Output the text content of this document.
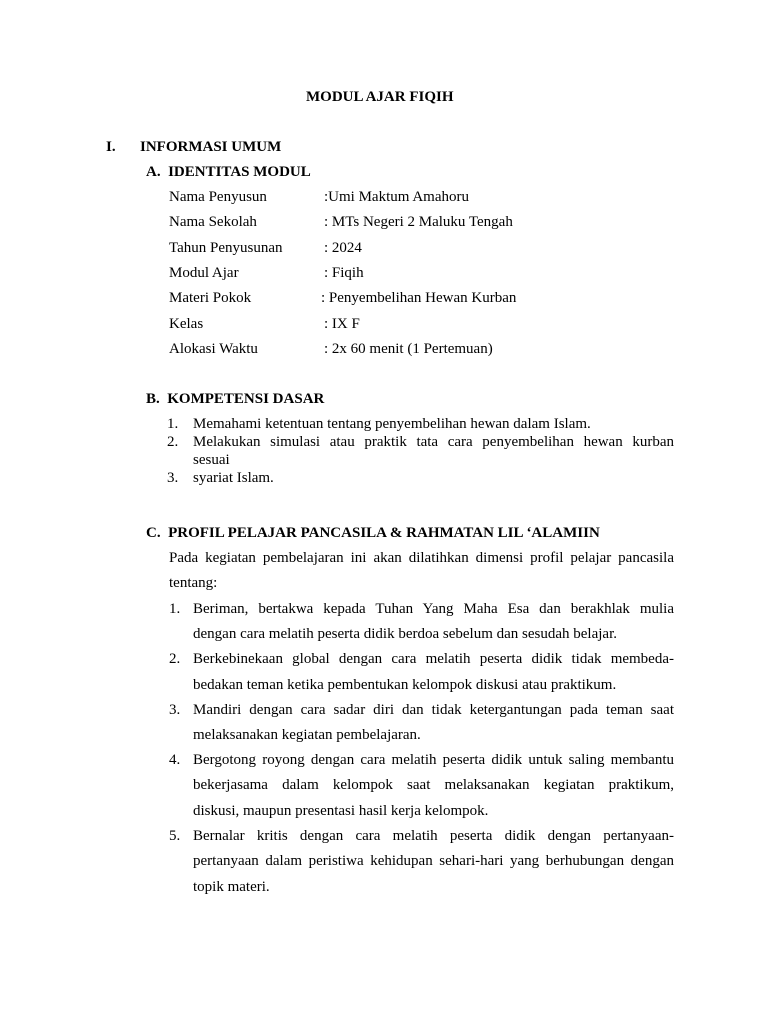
MODUL AJAR FIQIH
I. INFORMASI UMUM
A.  IDENTITAS MODUL
Nama Penyusun	:Umi Maktum Amahoru
Nama Sekolah	: MTs Negeri 2 Maluku Tengah
Tahun Penyusunan	: 2024
Modul Ajar	: Fiqih
Materi Pokok	: Penyembelihan Hewan Kurban
Kelas	: IX F
Alokasi Waktu	: 2x 60 menit (1 Pertemuan)
B.  KOMPETENSI DASAR
1. Memahami ketentuan tentang penyembelihan hewan dalam Islam.
2. Melakukan simulasi atau praktik tata cara penyembelihan hewan kurban
sesuai
3. syariat Islam.
C.  PROFIL PELAJAR PANCASILA & RAHMATAN LIL ‘ALAMIIN
Pada kegiatan pembelajaran ini akan dilatihkan dimensi profil pelajar pancasila
tentang:
1. Beriman, bertakwa kepada Tuhan Yang Maha Esa dan berakhlak mulia
dengan cara melatih peserta didik berdoa sebelum dan sesudah belajar.
2. Berkebinekaan global dengan cara melatih peserta didik tidak membeda-
bedakan teman ketika pembentukan kelompok diskusi atau praktikum.
3. Mandiri dengan cara sadar diri dan tidak ketergantungan pada teman saat
melaksanakan kegiatan pembelajaran.
4. Bergotong royong dengan cara melatih peserta didik untuk saling membantu
bekerjasama dalam kelompok saat melaksanakan kegiatan praktikum,
diskusi, maupun presentasi hasil kerja kelompok.
5. Bernalar kritis dengan cara melatih peserta didik dengan pertanyaan-
pertanyaan dalam peristiwa kehidupan sehari-hari yang berhubungan dengan
topik materi.
